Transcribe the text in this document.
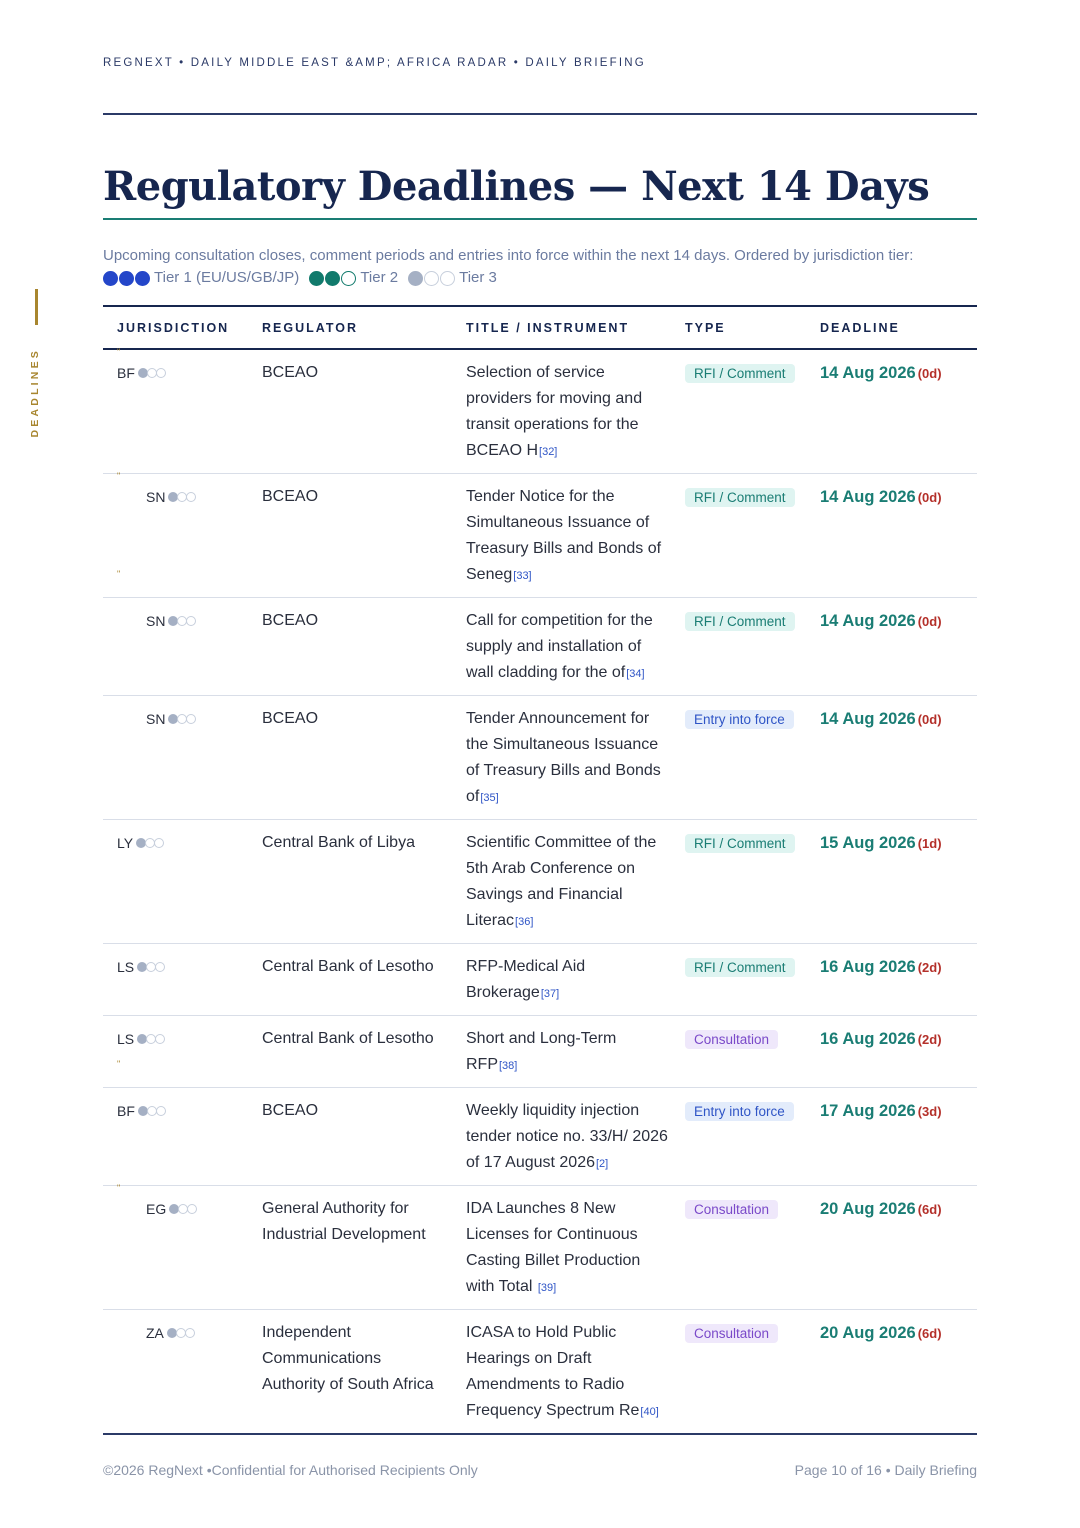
REGNEXT • DAILY MIDDLE EAST &AMP; AFRICA RADAR • DAILY BRIEFING
DEADLINES
Regulatory Deadlines — Next 14 Days

Upcoming consultation closes, comment periods and entries into force within the next 14 days. Ordered by jurisdiction tier:

Tier 1 (EU/US/GB/JP)	Tier 2	Tier 3
JURISDICTION	REGULATOR	TITLE / INSTRUMENT	TYPE	DEADLINE

"
BF	BCEAO	Selection of service providers for moving and transit operations for the BCEAO H[32]	RFI / Comment	14 Aug 2026 (0d)

"
"
SN	BCEAO	Tender Notice for the Simultaneous Issuance of Treasury Bills and Bonds of Seneg[33]	RFI / Comment	14 Aug 2026 (0d)

SN	BCEAO	Call for competition for the supply and installation of wall cladding for the of[34]	RFI / Comment	14 Aug 2026 (0d)

SN	BCEAO	Tender Announcement for the Simultaneous Issuance of Treasury Bills and Bonds of[35]	Entry into force	14 Aug 2026 (0d)

LY	Central Bank of Libya	Scientific Committee of the 5th Arab Conference on Savings and Financial Literac[36]	RFI / Comment	15 Aug 2026 (1d)

LS	Central Bank of Lesotho	RFP-Medical Aid Brokerage[37]	RFI / Comment	16 Aug 2026 (2d)

"
LS	Central Bank of Lesotho	Short and Long-Term RFP[38]	Consultation	16 Aug 2026 (2d)

BF	BCEAO	Weekly liquidity injection tender notice no. 33/H/ 2026 of 17 August 2026[2]	Entry into force	17 Aug 2026 (3d)

"
EG	General Authority for Industrial Development	IDA Launches 8 New Licenses for Continuous Casting Billet Production with Total [39]	Consultation	20 Aug 2026 (6d)

ZA	Independent Communications Authority of South Africa	ICASA to Hold Public Hearings on Draft Amendments to Radio Frequency Spectrum Re[40]	Consultation	20 Aug 2026 (6d)
©2026 RegNext •Confidential for Authorised Recipients Only	Page 10 of 16 • Daily Briefing
